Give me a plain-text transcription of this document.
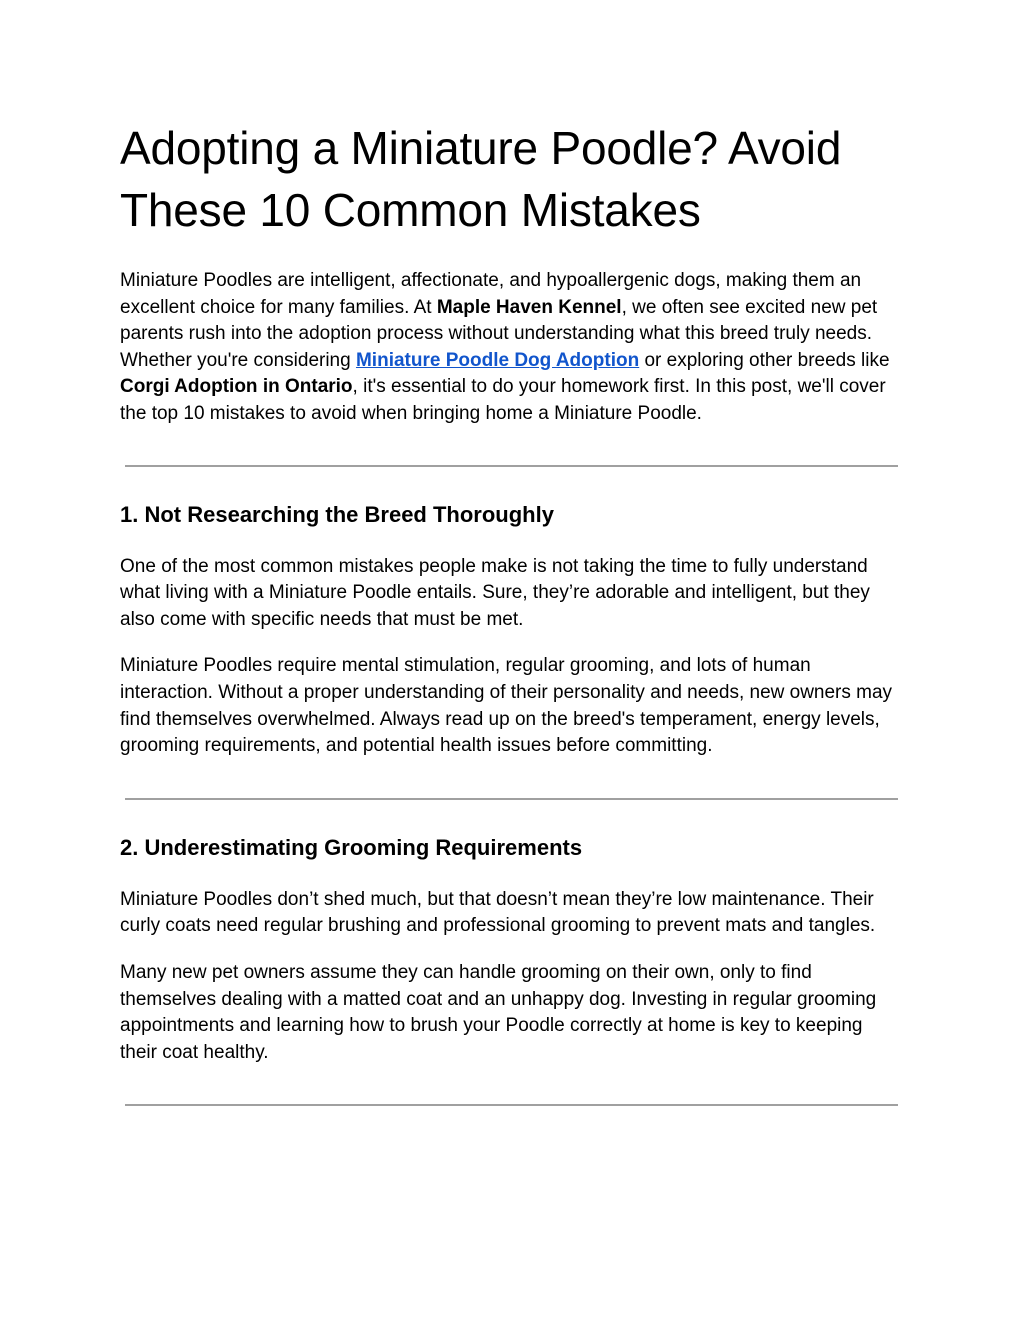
Adopting a Miniature Poodle? Avoid These 10 Common Mistakes

Miniature Poodles are intelligent, affectionate, and hypoallergenic dogs, making them an excellent choice for many families. At Maple Haven Kennel, we often see excited new pet parents rush into the adoption process without understanding what this breed truly needs. Whether you're considering Miniature Poodle Dog Adoption or exploring other breeds like Corgi Adoption in Ontario, it's essential to do your homework first. In this post, we'll cover the top 10 mistakes to avoid when bringing home a Miniature Poodle.

1. Not Researching the Breed Thoroughly

One of the most common mistakes people make is not taking the time to fully understand what living with a Miniature Poodle entails. Sure, they’re adorable and intelligent, but they also come with specific needs that must be met.

Miniature Poodles require mental stimulation, regular grooming, and lots of human interaction. Without a proper understanding of their personality and needs, new owners may find themselves overwhelmed. Always read up on the breed's temperament, energy levels, grooming requirements, and potential health issues before committing.

2. Underestimating Grooming Requirements

Miniature Poodles don’t shed much, but that doesn’t mean they’re low maintenance. Their curly coats need regular brushing and professional grooming to prevent mats and tangles.

Many new pet owners assume they can handle grooming on their own, only to find themselves dealing with a matted coat and an unhappy dog. Investing in regular grooming appointments and learning how to brush your Poodle correctly at home is key to keeping their coat healthy.
